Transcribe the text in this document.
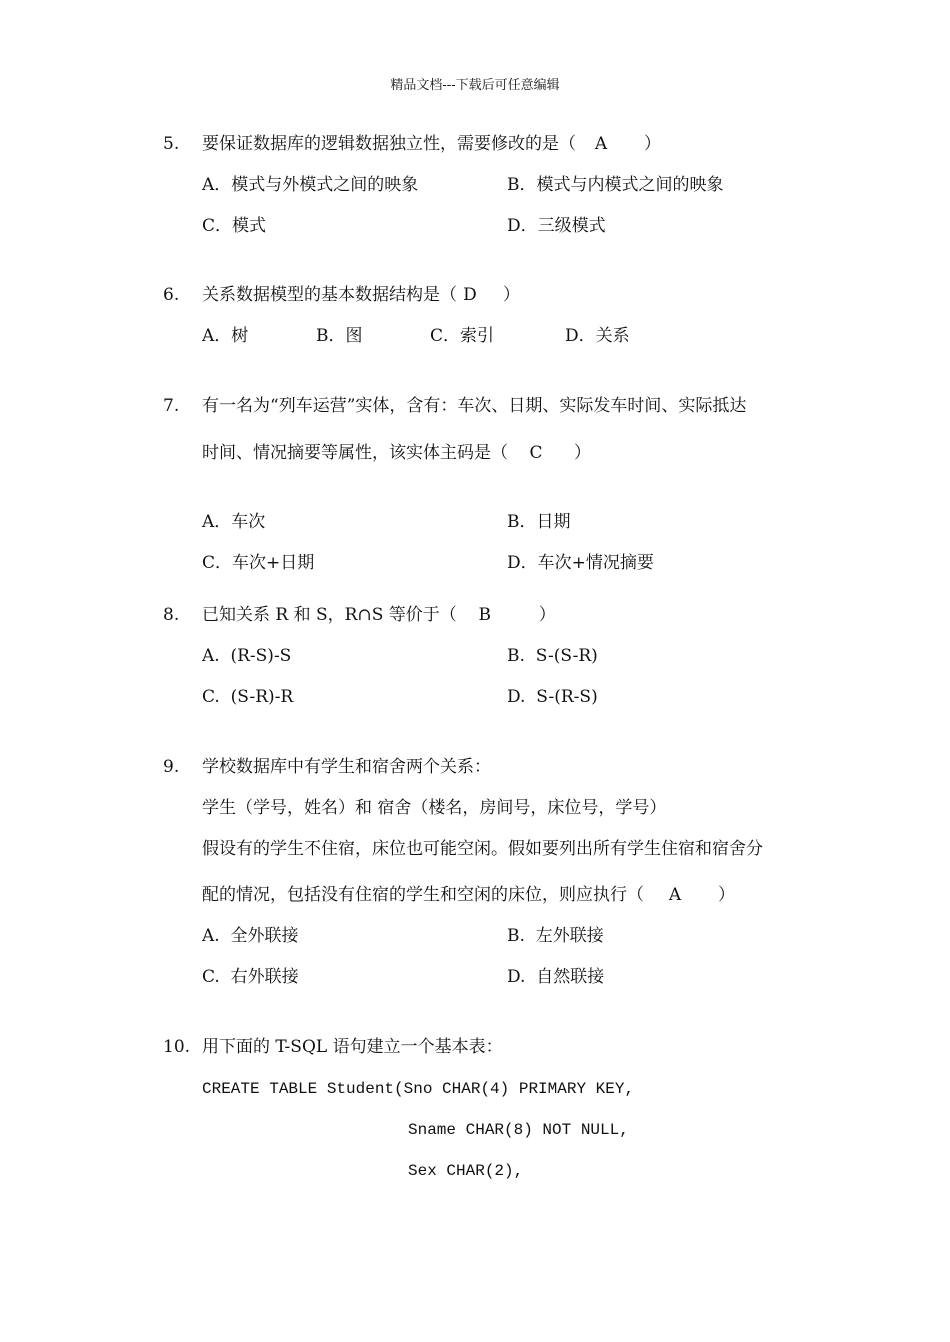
精品文档---下载后可任意编辑
5. 要保证数据库的逻辑数据独立性，需要修改的是（ A ）
A．模式与外模式之间的映象	B．模式与内模式之间的映象
C．模式	D．三级模式
6. 关系数据模型的基本数据结构是（ D ）
A．树	B．图	C．索引	D．关系
7. 有一名为“列车运营”实体，含有：车次、日期、实际发车时间、实际抵达
时间、情况摘要等属性，该实体主码是（ C ）
A．车次	B．日期
C．车次+日期	D．车次+情况摘要
8. 已知关系 R 和 S，R∩S 等价于（ B	）
A.  (R-S)-S	B.  S-(S-R)
C.  (S-R)-R	D.  S-(R-S)
9. 学校数据库中有学生和宿舍两个关系：
学生（学号，姓名）和 宿舍（楼名，房间号，床位号，学号）
假设有的学生不住宿，床位也可能空闲。假如要列出所有学生住宿和宿舍分
配的情况，包括没有住宿的学生和空闲的床位，则应执行（ A ）
A.  全外联接	B.  左外联接
C.  右外联接	D.  自然联接
10. 用下面的 T-SQL 语句建立一个基本表：
CREATE TABLE Student(Sno CHAR(4) PRIMARY KEY,
Sname CHAR(8) NOT NULL,
Sex CHAR(2),
